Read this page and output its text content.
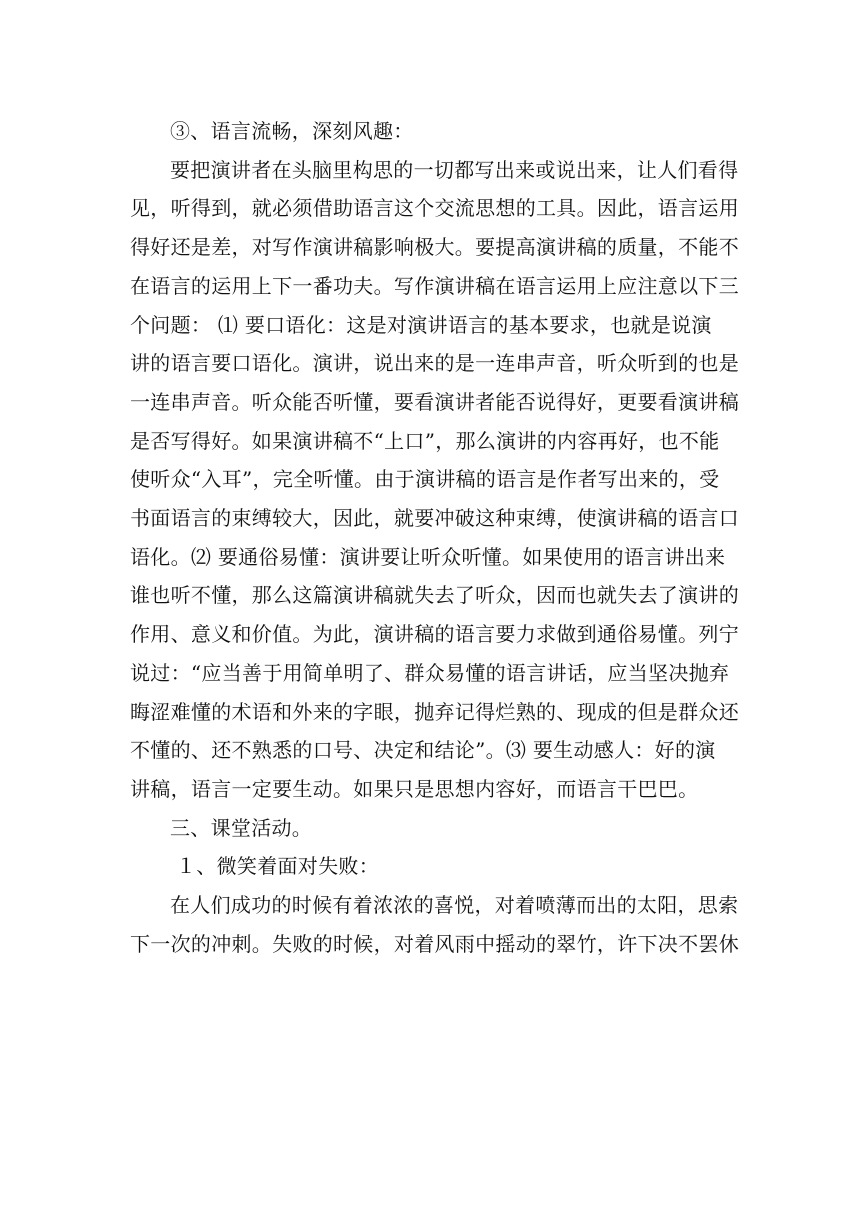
③、语言流畅，深刻风趣：

要把演讲者在头脑里构思的一切都写出来或说出来，让人们看得
见，听得到，就必须借助语言这个交流思想的工具。因此，语言运用
得好还是差，对写作演讲稿影响极大。要提高演讲稿的质量，不能不
在语言的运用上下一番功夫。写作演讲稿在语言运用上应注意以下三
个问题： ⑴ 要口语化：这是对演讲语言的基本要求，也就是说演
讲的语言要口语化。演讲，说出来的是一连串声音，听众听到的也是
一连串声音。听众能否听懂，要看演讲者能否说得好，更要看演讲稿
是否写得好。如果演讲稿不“上口”，那么演讲的内容再好，也不能
使听众“入耳”，完全听懂。由于演讲稿的语言是作者写出来的，受
书面语言的束缚较大，因此，就要冲破这种束缚，使演讲稿的语言口
语化。⑵ 要通俗易懂：演讲要让听众听懂。如果使用的语言讲出来
谁也听不懂，那么这篇演讲稿就失去了听众，因而也就失去了演讲的
作用、意义和价值。为此，演讲稿的语言要力求做到通俗易懂。列宁
说过：“应当善于用简单明了、群众易懂的语言讲话，应当坚决抛弃
晦涩难懂的术语和外来的字眼，抛弃记得烂熟的、现成的但是群众还
不懂的、还不熟悉的口号、决定和结论”。⑶ 要生动感人：好的演
讲稿，语言一定要生动。如果只是思想内容好，而语言干巴巴。

三、课堂活动。

１、微笑着面对失败：

在人们成功的时候有着浓浓的喜悦，对着喷薄而出的太阳，思索
下一次的冲刺。失败的时候，对着风雨中摇动的翠竹，许下决不罢休
